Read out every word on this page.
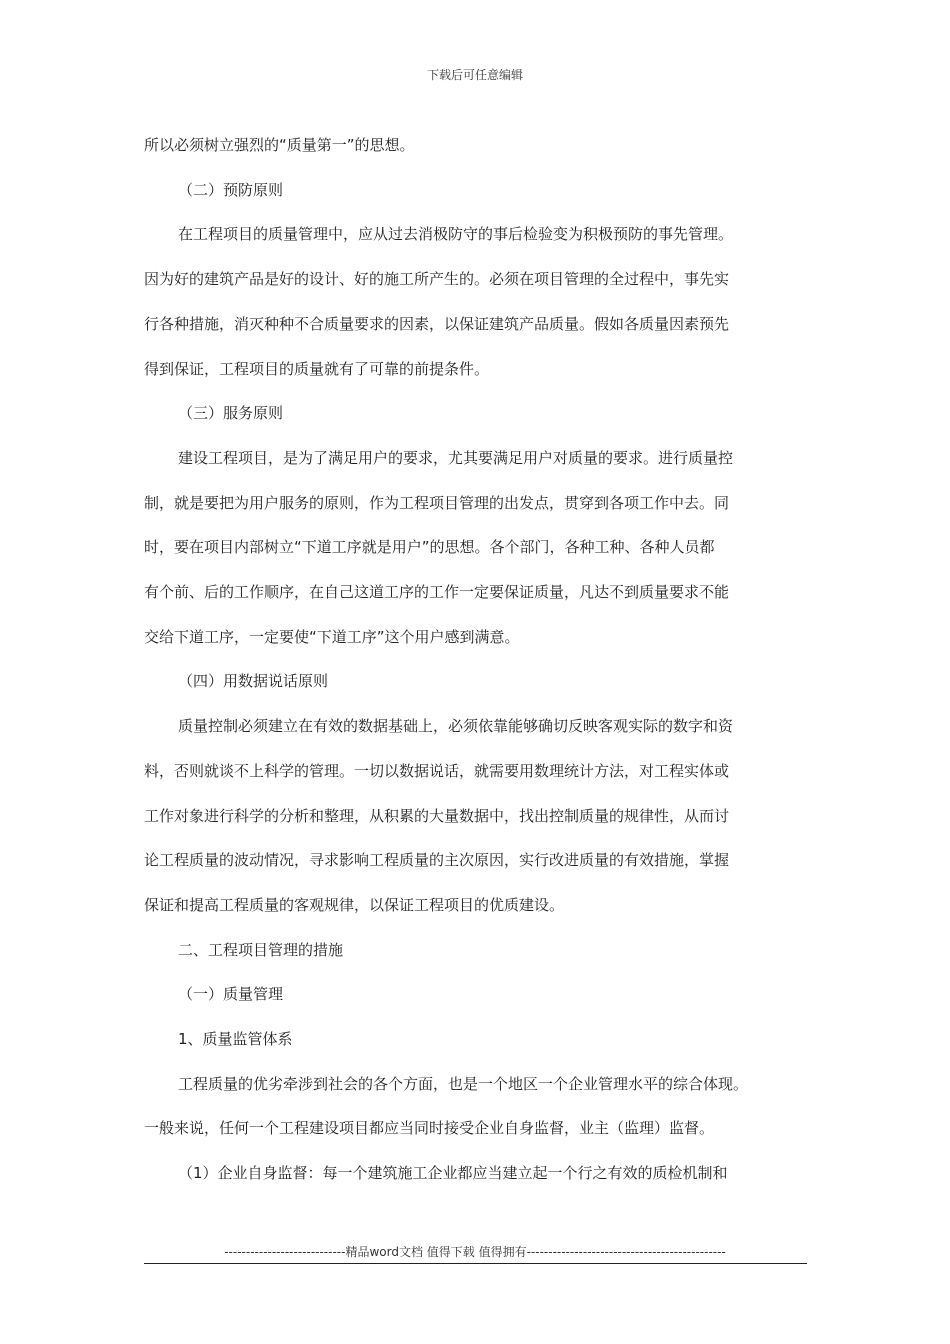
下载后可任意编辑

所以必须树立强烈的“质量第一”的思想。

（二）预防原则

在工程项目的质量管理中，应从过去消极防守的事后检验变为积极预防的事先管理。

因为好的建筑产品是好的设计、好的施工所产生的。必须在项目管理的全过程中，事先实

行各种措施，消灭种种不合质量要求的因素，以保证建筑产品质量。假如各质量因素预先

得到保证，工程项目的质量就有了可靠的前提条件。

（三）服务原则

建设工程项目，是为了满足用户的要求，尤其要满足用户对质量的要求。进行质量控

制，就是要把为用户服务的原则，作为工程项目管理的出发点，贯穿到各项工作中去。同

时，要在项目内部树立“下道工序就是用户”的思想。各个部门，各种工种、各种人员都

有个前、后的工作顺序，在自己这道工序的工作一定要保证质量，凡达不到质量要求不能

交给下道工序，一定要使“下道工序”这个用户感到满意。

（四）用数据说话原则

质量控制必须建立在有效的数据基础上，必须依靠能够确切反映客观实际的数字和资

料，否则就谈不上科学的管理。一切以数据说话，就需要用数理统计方法，对工程实体或

工作对象进行科学的分析和整理，从积累的大量数据中，找出控制质量的规律性，从而讨

论工程质量的波动情况，寻求影响工程质量的主次原因，实行改进质量的有效措施，掌握

保证和提高工程质量的客观规律，以保证工程项目的优质建设。

二、工程项目管理的措施

（一）质量管理

1、质量监管体系

工程质量的优劣牵涉到社会的各个方面，也是一个地区一个企业管理水平的综合体现。

一般来说，任何一个工程建设项目都应当同时接受企业自身监督，业主（监理）监督。

（1）企业自身监督：每一个建筑施工企业都应当建立起一个行之有效的质检机制和

----------------------------精品word文档 值得下载 值得拥有----------------------------------------------
